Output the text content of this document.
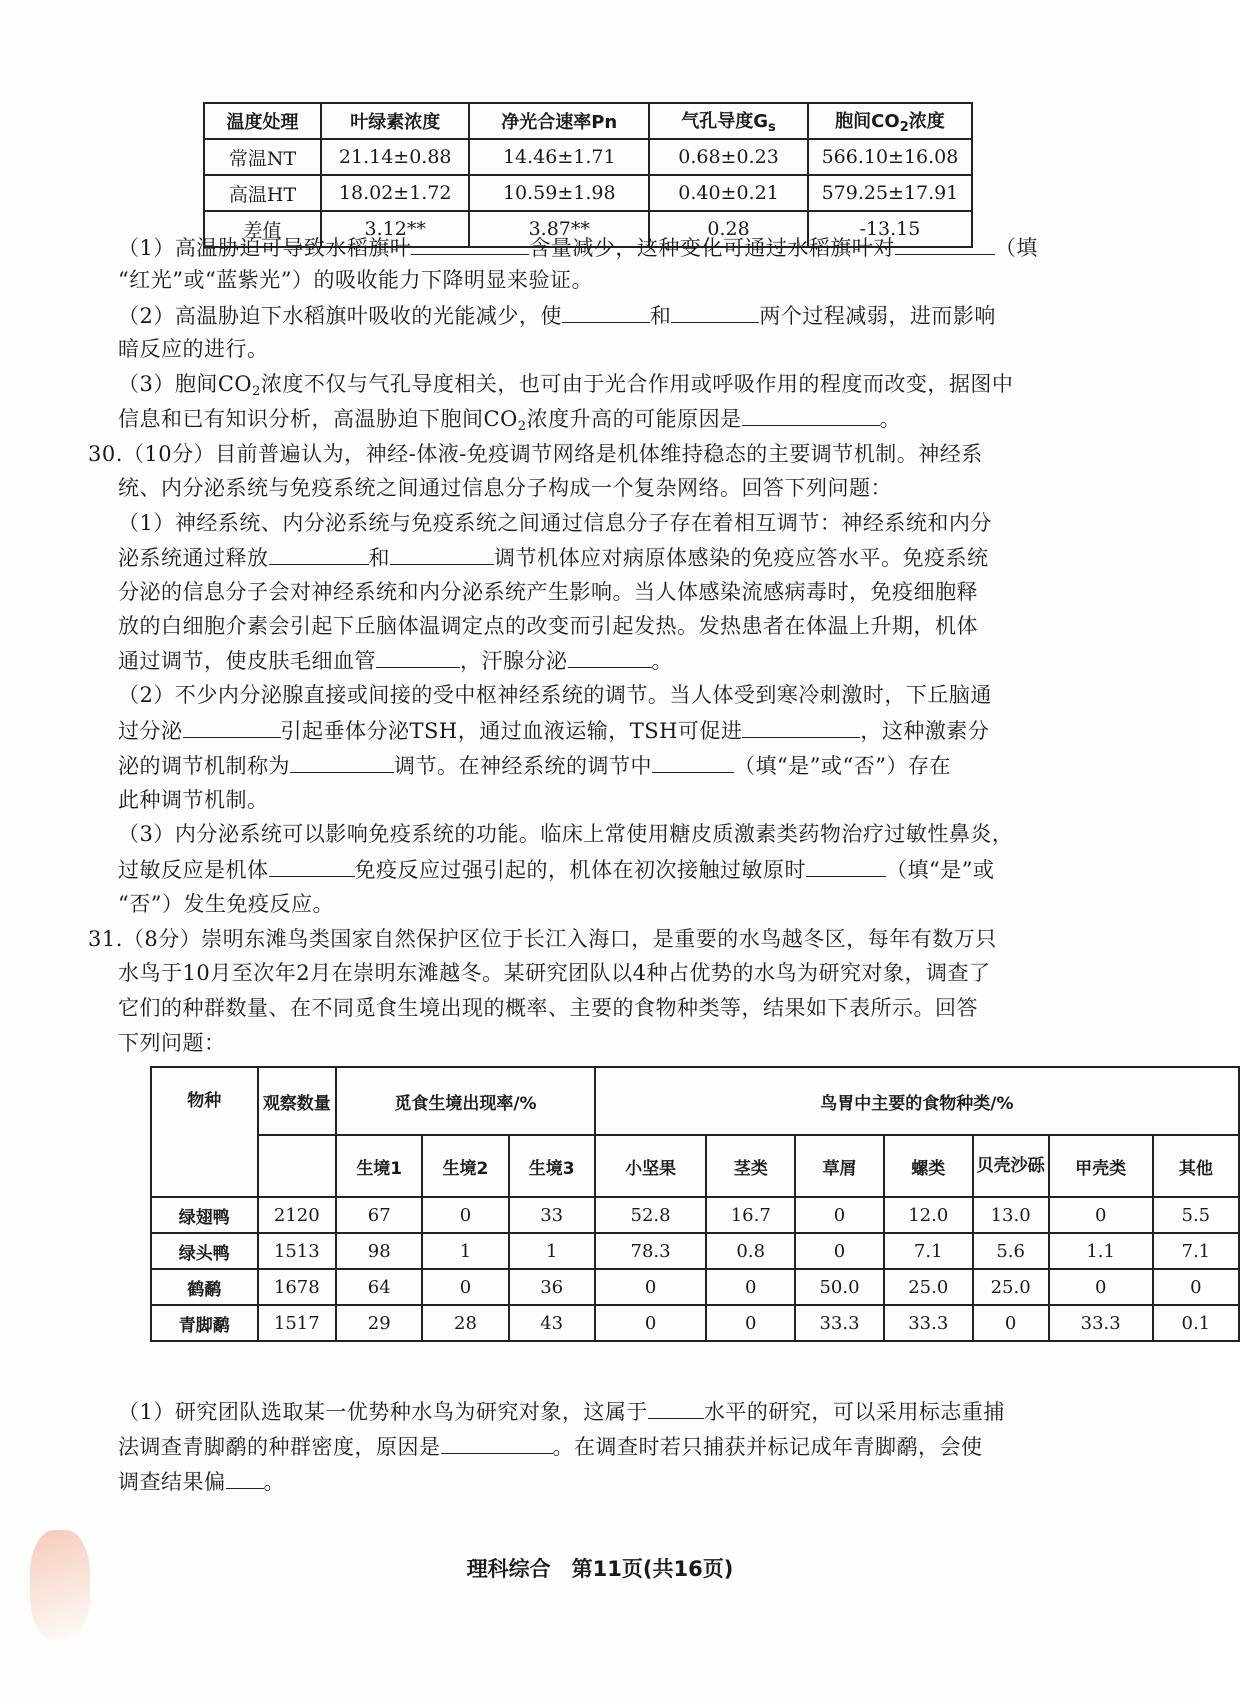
温度处理	叶绿素浓度	净光合速率Pn	气孔导度$G_s$	胞间$CO_2$浓度
常温NT	21.14±0.88	14.46±1.71	0.68±0.23	566.10±16.08
高温HT	18.02±1.72	10.59±1.98	0.40±0.21	579.25±17.91
差值	3.12**	3.87**	0.28	-13.15
（1）高温胁迫可导致水稻旗叶	含量减少，这种变化可通过水稻旗叶对	（填
“红光”或“蓝紫光”）的吸收能力下降明显来验证。
（2）高温胁迫下水稻旗叶吸收的光能减少，使	和	两个过程减弱，进而影响
暗反应的进行。
（3）胞间$CO_2$浓度不仅与气孔导度相关，也可由于光合作用或呼吸作用的程度而改变，据图中
信息和已有知识分析，高温胁迫下胞间$CO_2$浓度升高的可能原因是	。
30.（10分）目前普遍认为，神经-体液-免疫调节网络是机体维持稳态的主要调节机制。神经系
统、内分泌系统与免疫系统之间通过信息分子构成一个复杂网络。回答下列问题：
（1）神经系统、内分泌系统与免疫系统之间通过信息分子存在着相互调节：神经系统和内分
泌系统通过释放	和	调节机体应对病原体感染的免疫应答水平。免疫系统
分泌的信息分子会对神经系统和内分泌系统产生影响。当人体感染流感病毒时，免疫细胞释
放的白细胞介素会引起下丘脑体温调定点的改变而引起发热。发热患者在体温上升期，机体
通过调节，使皮肤毛细血管	，汗腺分泌	。
（2）不少内分泌腺直接或间接的受中枢神经系统的调节。当人体受到寒冷刺激时，下丘脑通
过分泌	引起垂体分泌TSH，通过血液运输，TSH可促进	，这种激素分
泌的调节机制称为	调节。在神经系统的调节中	（填“是”或“否”）存在
此种调节机制。
（3）内分泌系统可以影响免疫系统的功能。临床上常使用糖皮质激素类药物治疗过敏性鼻炎，
过敏反应是机体	免疫反应过强引起的，机体在初次接触过敏原时	（填“是”或
“否”）发生免疫反应。
31.（8分）崇明东滩鸟类国家自然保护区位于长江入海口，是重要的水鸟越冬区，每年有数万只
水鸟于10月至次年2月在崇明东滩越冬。某研究团队以4种占优势的水鸟为研究对象，调查了
它们的种群数量、在不同觅食生境出现的概率、主要的食物种类等，结果如下表所示。回答
下列问题：
物种	观察数量	觅食生境出现率/%			鸟胃中主要的食物种类/%						
		生境1	生境2	生境3	小坚果	茎类	草屑	螺类	贝壳沙砾	甲壳类	其他
绿翅鸭	2120	67	0	33	52.8	16.7	0	12.0	13.0	0	5.5
绿头鸭	1513	98	1	1	78.3	0.8	0	7.1	5.6	1.1	7.1
鹤鹬	1678	64	0	36	0	0	50.0	25.0	25.0	0	0
青脚鹬	1517	29	28	43	0	0	33.3	33.3	0	33.3	0.1
（1）研究团队选取某一优势种水鸟为研究对象，这属于	水平的研究，可以采用标志重捕
法调查青脚鹬的种群密度，原因是	。在调查时若只捕获并标记成年青脚鹬，会使
调查结果偏 。
理科综合　第11页(共16页)
